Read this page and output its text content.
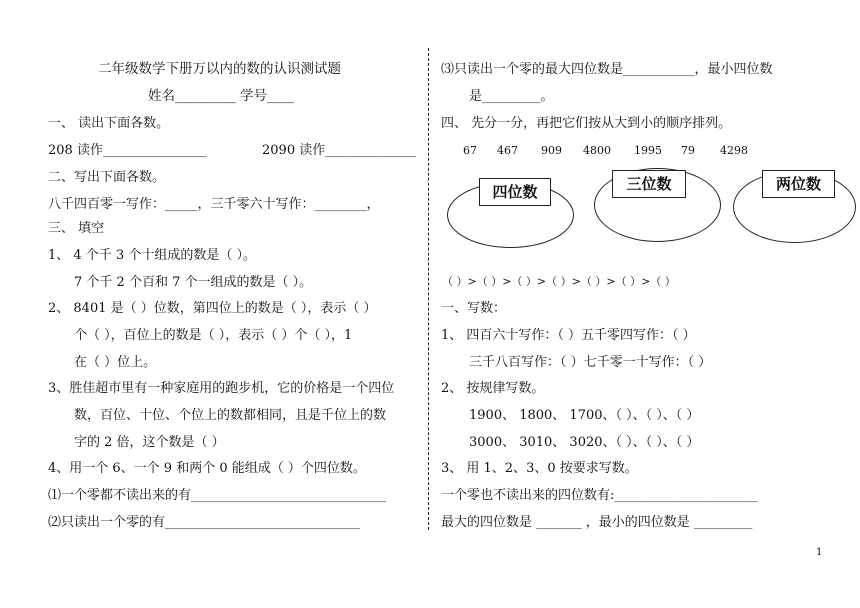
二年级数学下册万以内的数的认识测试题
姓名_________ 学号____
一、 读出下面各数。
208 读作________________	2090 读作______________
二、写出下面各数。
八千四百零一写作：_____，三千零六十写作：________，
三、 填空
1、 4 个千 3 个十组成的数是（ ）。
7 个千 2 个百和 7 个一组成的数是（ ）。
2、 8401 是（ ）位数，第四位上的数是（ ），表示（ ）
个（ ），百位上的数是（ ），表示（ ）个（ ），1
在（ ）位上。
3、胜佳超市里有一种家庭用的跑步机，它的价格是一个四位
数，百位、十位、个位上的数都相同，且是千位上的数
字的 2 倍，这个数是（ ）
4、用一个 6、一个 9 和两个 0 能组成（ ）个四位数。
⑴一个零都不读出来的有______________________________
⑵只读出一个零的有______________________________
⑶只读出一个零的最大四位数是___________，最小四位数
是_________。
四、 先分一分，再把它们按从大到小的顺序排列。
67 467 909 4800 1995 79 4298
四位数	三位数	两位数
（ ）>（ ）>（ ）>（ ）>（ ）>（ ）>（ ）
一、写数：
1、 四百六十写作：（ ）五千零四写作：（ ）
三千八百写作：（ ）七千零一十写作：（ ）
2、 按规律写数。
1900、 1800、 1700、（ ）、（ ）、（ ）
3000、 3010、 3020、（ ）、（ ）、（ ）
3、 用 1、2、3、0 按要求写数。
一个零也不读出来的四位数有:______________________
最大的四位数是 _______ ，最小的四位数是 _________
1
